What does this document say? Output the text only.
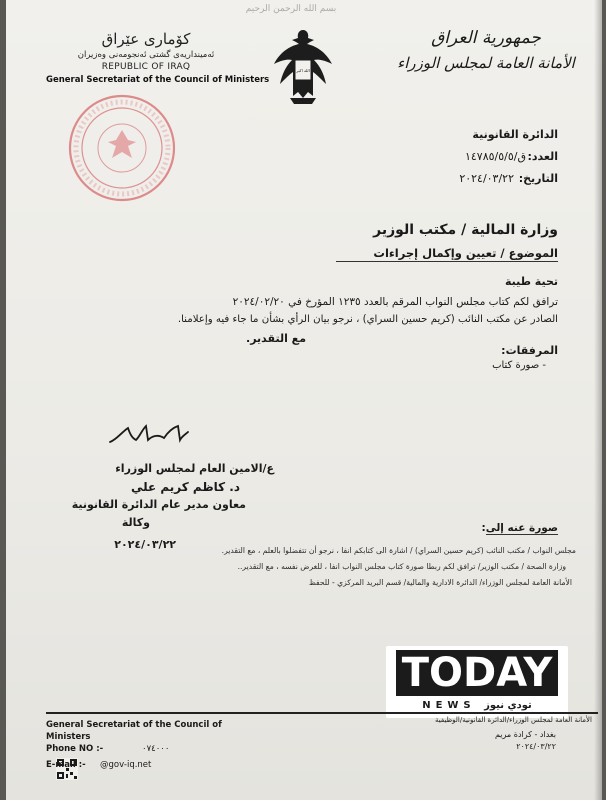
بسم الله الرحمن الرحيم
کۆماری عێراق
ئه‌مینداریه‌ی گشتی ئه‌نجومه‌نی وه‌زیران
REPUBLIC OF IRAQ
General Secretariat of the Council of Ministers
الله اكبر
جمهورية العراق
الأمانة العامة لمجلس الوزراء
الدائرة القانونية
العدد:
ق/١٤٧٨٥/٥/٥
التاريخ:
٢٠٢٤/٠٣/٢٢
وزارة المالية / مكتب الوزير
الموضوع / تعيين وإكمال إجراءات
تحية طيبة
ترافق لكم كتاب مجلس النواب المرقم بالعدد ١٢٣٥ المؤرخ في ٢٠٢٤/٠٢/٢٠
الصادر عن مكتب النائب (كريم حسين السراي) ، نرجو بيان الرأي بشأن ما جاء فيه وإعلامنا.
مع التقدير.
المرفقات:
- صورة كتاب
ع/الامين العام لمجلس الوزراء
د. كاظم كريم علي
معاون مدير عام الدائرة القانونية
وكالة
٢٠٢٤/٠٣/٢٢
صورة عنه إلى:
مجلس النواب / مكتب النائب (كريم حسين السراي) / اشارة الى كتابكم انفا ، نرجو أن تتفضلوا بالعلم ، مع التقدير.
وزارة الصحة / مكتب الوزير/ ترافق لكم ربطا صورة كتاب مجلس النواب انفا ، للغرض نفسه ، مع التقدير..
الأمانة العامة لمجلس الوزراء/ الدائرة الادارية والمالية/ قسم البريد المركزي - للحفظ
TODAY
NEWS تودي نيوز
General Secretariat of the Council of
Ministers
Phone NO :-	٠٧٤٠٠٠
E-mail :- @gov-iq.net
الأمانة العامة لمجلس الوزراء/الدائرة القانونية/الوظيفية
بغداد - كرادة مريم
٢٠٢٤/٠٣/٢٢
